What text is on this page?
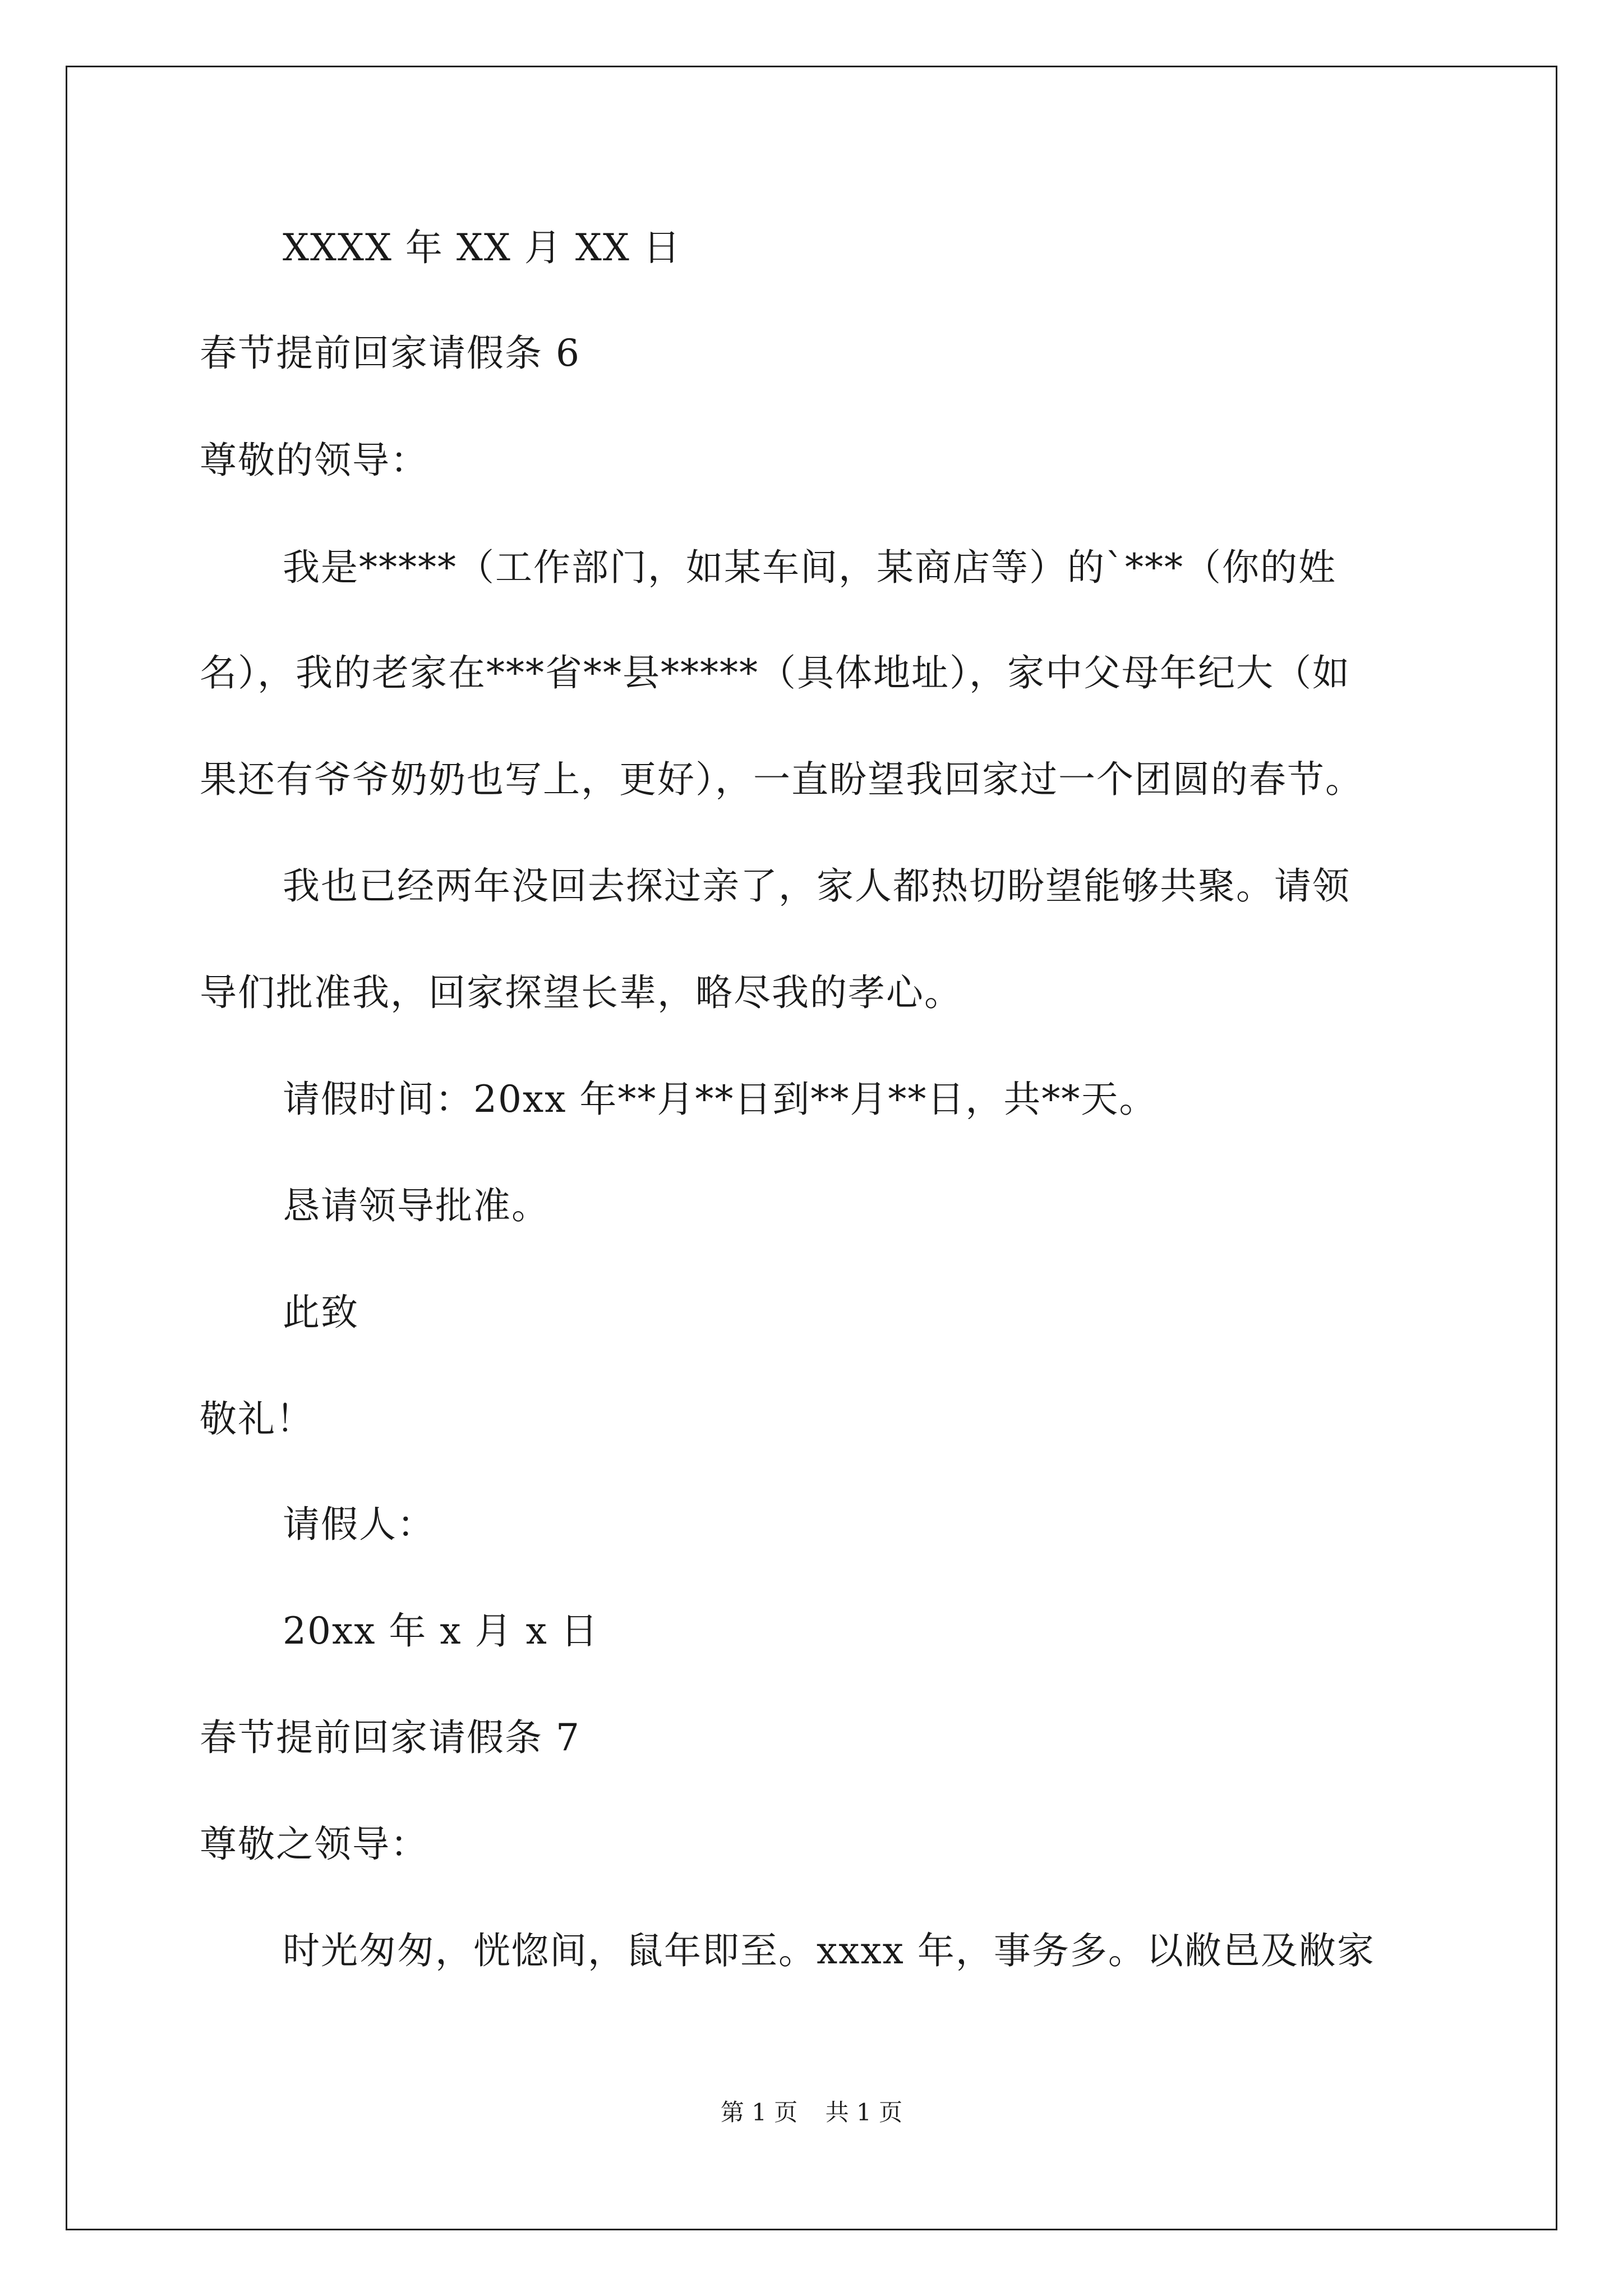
XXXX 年 XX 月 XX 日
春节提前回家请假条 6
尊敬的领导：
我是*****（工作部门，如某车间，某商店等）的`***（你的姓
名），我的老家在***省**县*****（具体地址），家中父母年纪大（如
果还有爷爷奶奶也写上，更好），一直盼望我回家过一个团圆的春节。
我也已经两年没回去探过亲了，家人都热切盼望能够共聚。请领
导们批准我，回家探望长辈，略尽我的孝心。
请假时间：20xx 年**月**日到**月**日，共**天。
恳请领导批准。
此致
敬礼！
请假人：
20xx 年 x 月 x 日
春节提前回家请假条 7
尊敬之领导：
时光匆匆，恍惚间，鼠年即至。xxxx 年，事务多。以敝邑及敝家
第 1 页 共 1 页
